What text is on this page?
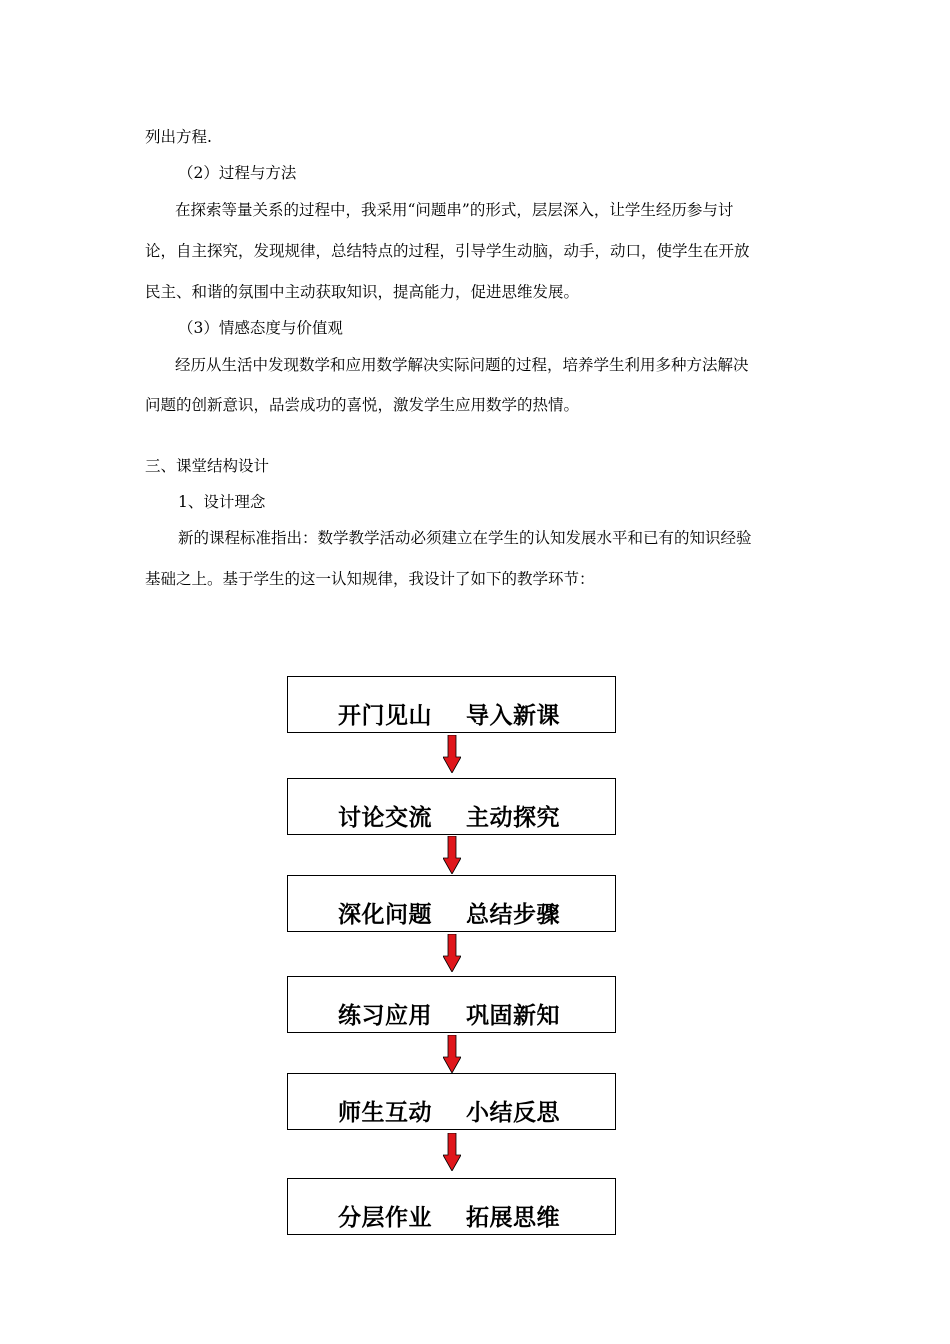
列出方程.

（2）过程与方法

在探索等量关系的过程中，我采用“问题串”的形式，层层深入，让学生经历参与讨

论，自主探究，发现规律，总结特点的过程，引导学生动脑，动手，动口，使学生在开放

民主、和谐的氛围中主动获取知识，提高能力，促进思维发展。

（3）情感态度与价值观

经历从生活中发现数学和应用数学解决实际问题的过程，培养学生利用多种方法解决

问题的创新意识，品尝成功的喜悦，激发学生应用数学的热情。

三、课堂结构设计

1、设计理念

新的课程标准指出：数学教学活动必须建立在学生的认知发展水平和已有的知识经验

基础之上。基于学生的这一认知规律，我设计了如下的教学环节：

开门见山    导入新课
讨论交流    主动探究
深化问题    总结步骤
练习应用    巩固新知
师生互动    小结反思
分层作业    拓展思维
